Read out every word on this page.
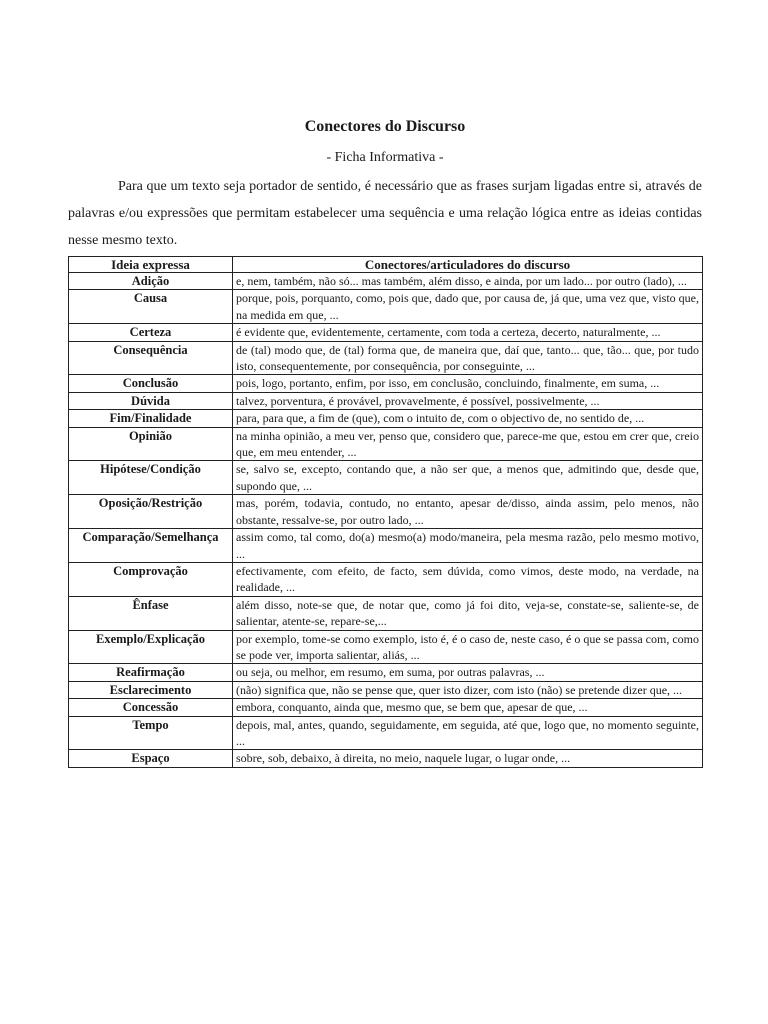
Conectores do Discurso

- Ficha Informativa -

Para que um texto seja portador de sentido, é necessário que as frases surjam ligadas entre si, através de palavras e/ou expressões que permitam estabelecer uma sequência e uma relação lógica entre as ideias contidas nesse mesmo texto.

Ideia expressa	Conectores/articuladores do discurso
Adição	e, nem, também, não só... mas também, além disso, e ainda, por um lado... por outro (lado), ...
Causa	porque, pois, porquanto, como, pois que, dado que, por causa de, já que, uma vez que, visto que, na medida em que, ...
Certeza	é evidente que, evidentemente, certamente, com toda a certeza, decerto, naturalmente, ...
Consequência	de (tal) modo que, de (tal) forma que, de maneira que, daí que, tanto... que, tão... que, por tudo isto, consequentemente, por consequência, por conseguinte, ...
Conclusão	pois, logo, portanto, enfim, por isso, em conclusão, concluindo, finalmente, em suma, ...
Dúvida	talvez, porventura, é provável, provavelmente, é possível, possivelmente, ...
Fim/Finalidade	para, para que, a fim de (que), com o intuito de, com o objectivo de, no sentido de, ...
Opinião	na minha opinião, a meu ver, penso que, considero que, parece-me que, estou em crer que, creio que, em meu entender, ...
Hipótese/Condição	se, salvo se, excepto, contando que, a não ser que, a menos que, admitindo que, desde que, supondo que, ...
Oposição/Restrição	mas, porém, todavia, contudo, no entanto, apesar de/disso, ainda assim, pelo menos, não obstante, ressalve-se, por outro lado, ...
Comparação/Semelhança	assim como, tal como, do(a) mesmo(a) modo/maneira, pela mesma razão, pelo mesmo motivo, ...
Comprovação	efectivamente, com efeito, de facto, sem dúvida, como vimos, deste modo, na verdade, na realidade, ...
Ênfase	além disso, note-se que, de notar que, como já foi dito, veja-se, constate-se, saliente-se, de salientar, atente-se, repare-se,...
Exemplo/Explicação	por exemplo, tome-se como exemplo, isto é, é o caso de, neste caso, é o que se passa com, como se pode ver, importa salientar, aliás, ...
Reafirmação	ou seja, ou melhor, em resumo, em suma, por outras palavras, ...
Esclarecimento	(não) significa que, não se pense que, quer isto dizer, com isto (não) se pretende dizer que, ...
Concessão	embora, conquanto, ainda que, mesmo que, se bem que, apesar de que, ...
Tempo	depois, mal, antes, quando, seguidamente, em seguida, até que, logo que, no momento seguinte, ...
Espaço	sobre, sob, debaixo, à direita, no meio, naquele lugar, o lugar onde, ...
